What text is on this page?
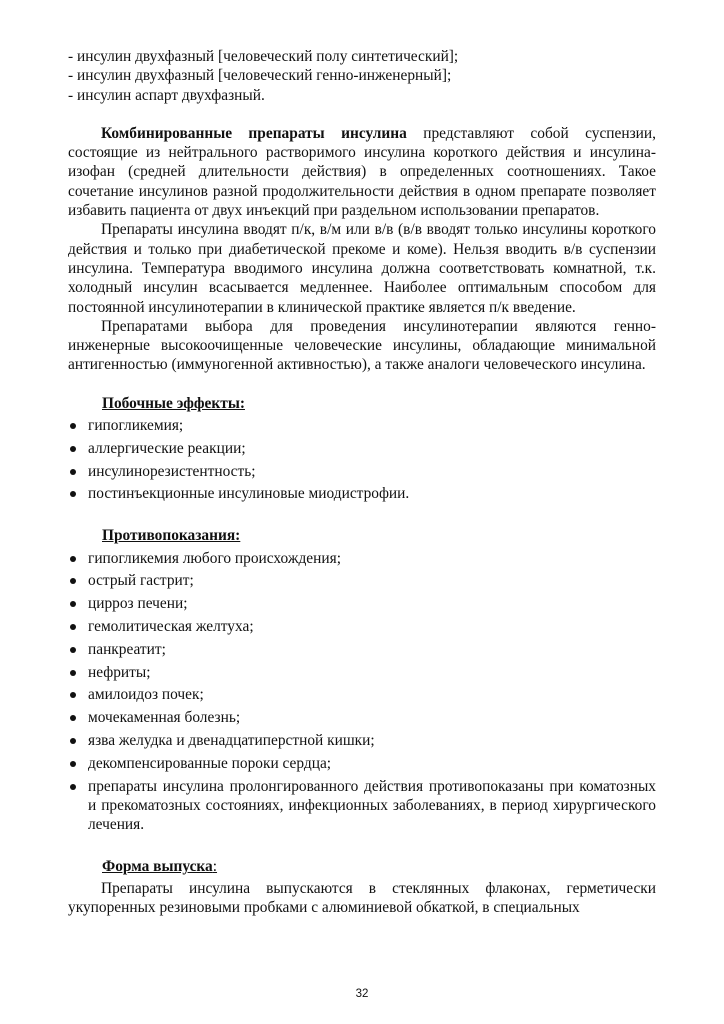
- инсулин двухфазный [человеческий полу синтетический];
- инсулин двухфазный [человеческий генно-инженерный];
- инсулин аспарт двухфазный.

Комбинированные препараты инсулина представляют собой суспензии, состоящие из нейтрального растворимого инсулина короткого действия и инсулина-изофан (средней длительности действия) в определенных соотношениях. Такое сочетание инсулинов разной продолжительности действия в одном препарате позволяет избавить пациента от двух инъекций при раздельном использовании препаратов.

Препараты инсулина вводят п/к, в/м или в/в (в/в вводят только инсулины короткого действия и только при диабетической прекоме и коме). Нельзя вводить в/в суспензии инсулина. Температура вводимого инсулина должна соответствовать комнатной, т.к. холодный инсулин всасывается медленнее. Наиболее оптимальным способом для постоянной инсулинотерапии в клинической практике является п/к введение.

Препаратами выбора для проведения инсулинотерапии являются генно-инженерные высокоочищенные человеческие инсулины, обладающие минимальной антигенностью (иммуногенной активностью), а также аналоги человеческого инсулина.

Побочные эффекты:
гипогликемия;
аллергические реакции;
инсулинорезистентность;
постинъекционные инсулиновые миодистрофии.
Противопоказания:
гипогликемия любого происхождения;
острый гастрит;
цирроз печени;
гемолитическая желтуха;
панкреатит;
нефриты;
амилоидоз почек;
мочекаменная болезнь;
язва желудка и двенадцатиперстной кишки;
декомпенсированные пороки сердца;
препараты инсулина пролонгированного действия противопоказаны при коматозных и прекоматозных состояниях, инфекционных заболеваниях, в период хирургического лечения.
Форма выпуска:

Препараты инсулина выпускаются в стеклянных флаконах, герметически укупоренных резиновыми пробками с алюминиевой обкаткой, в специальных

32
